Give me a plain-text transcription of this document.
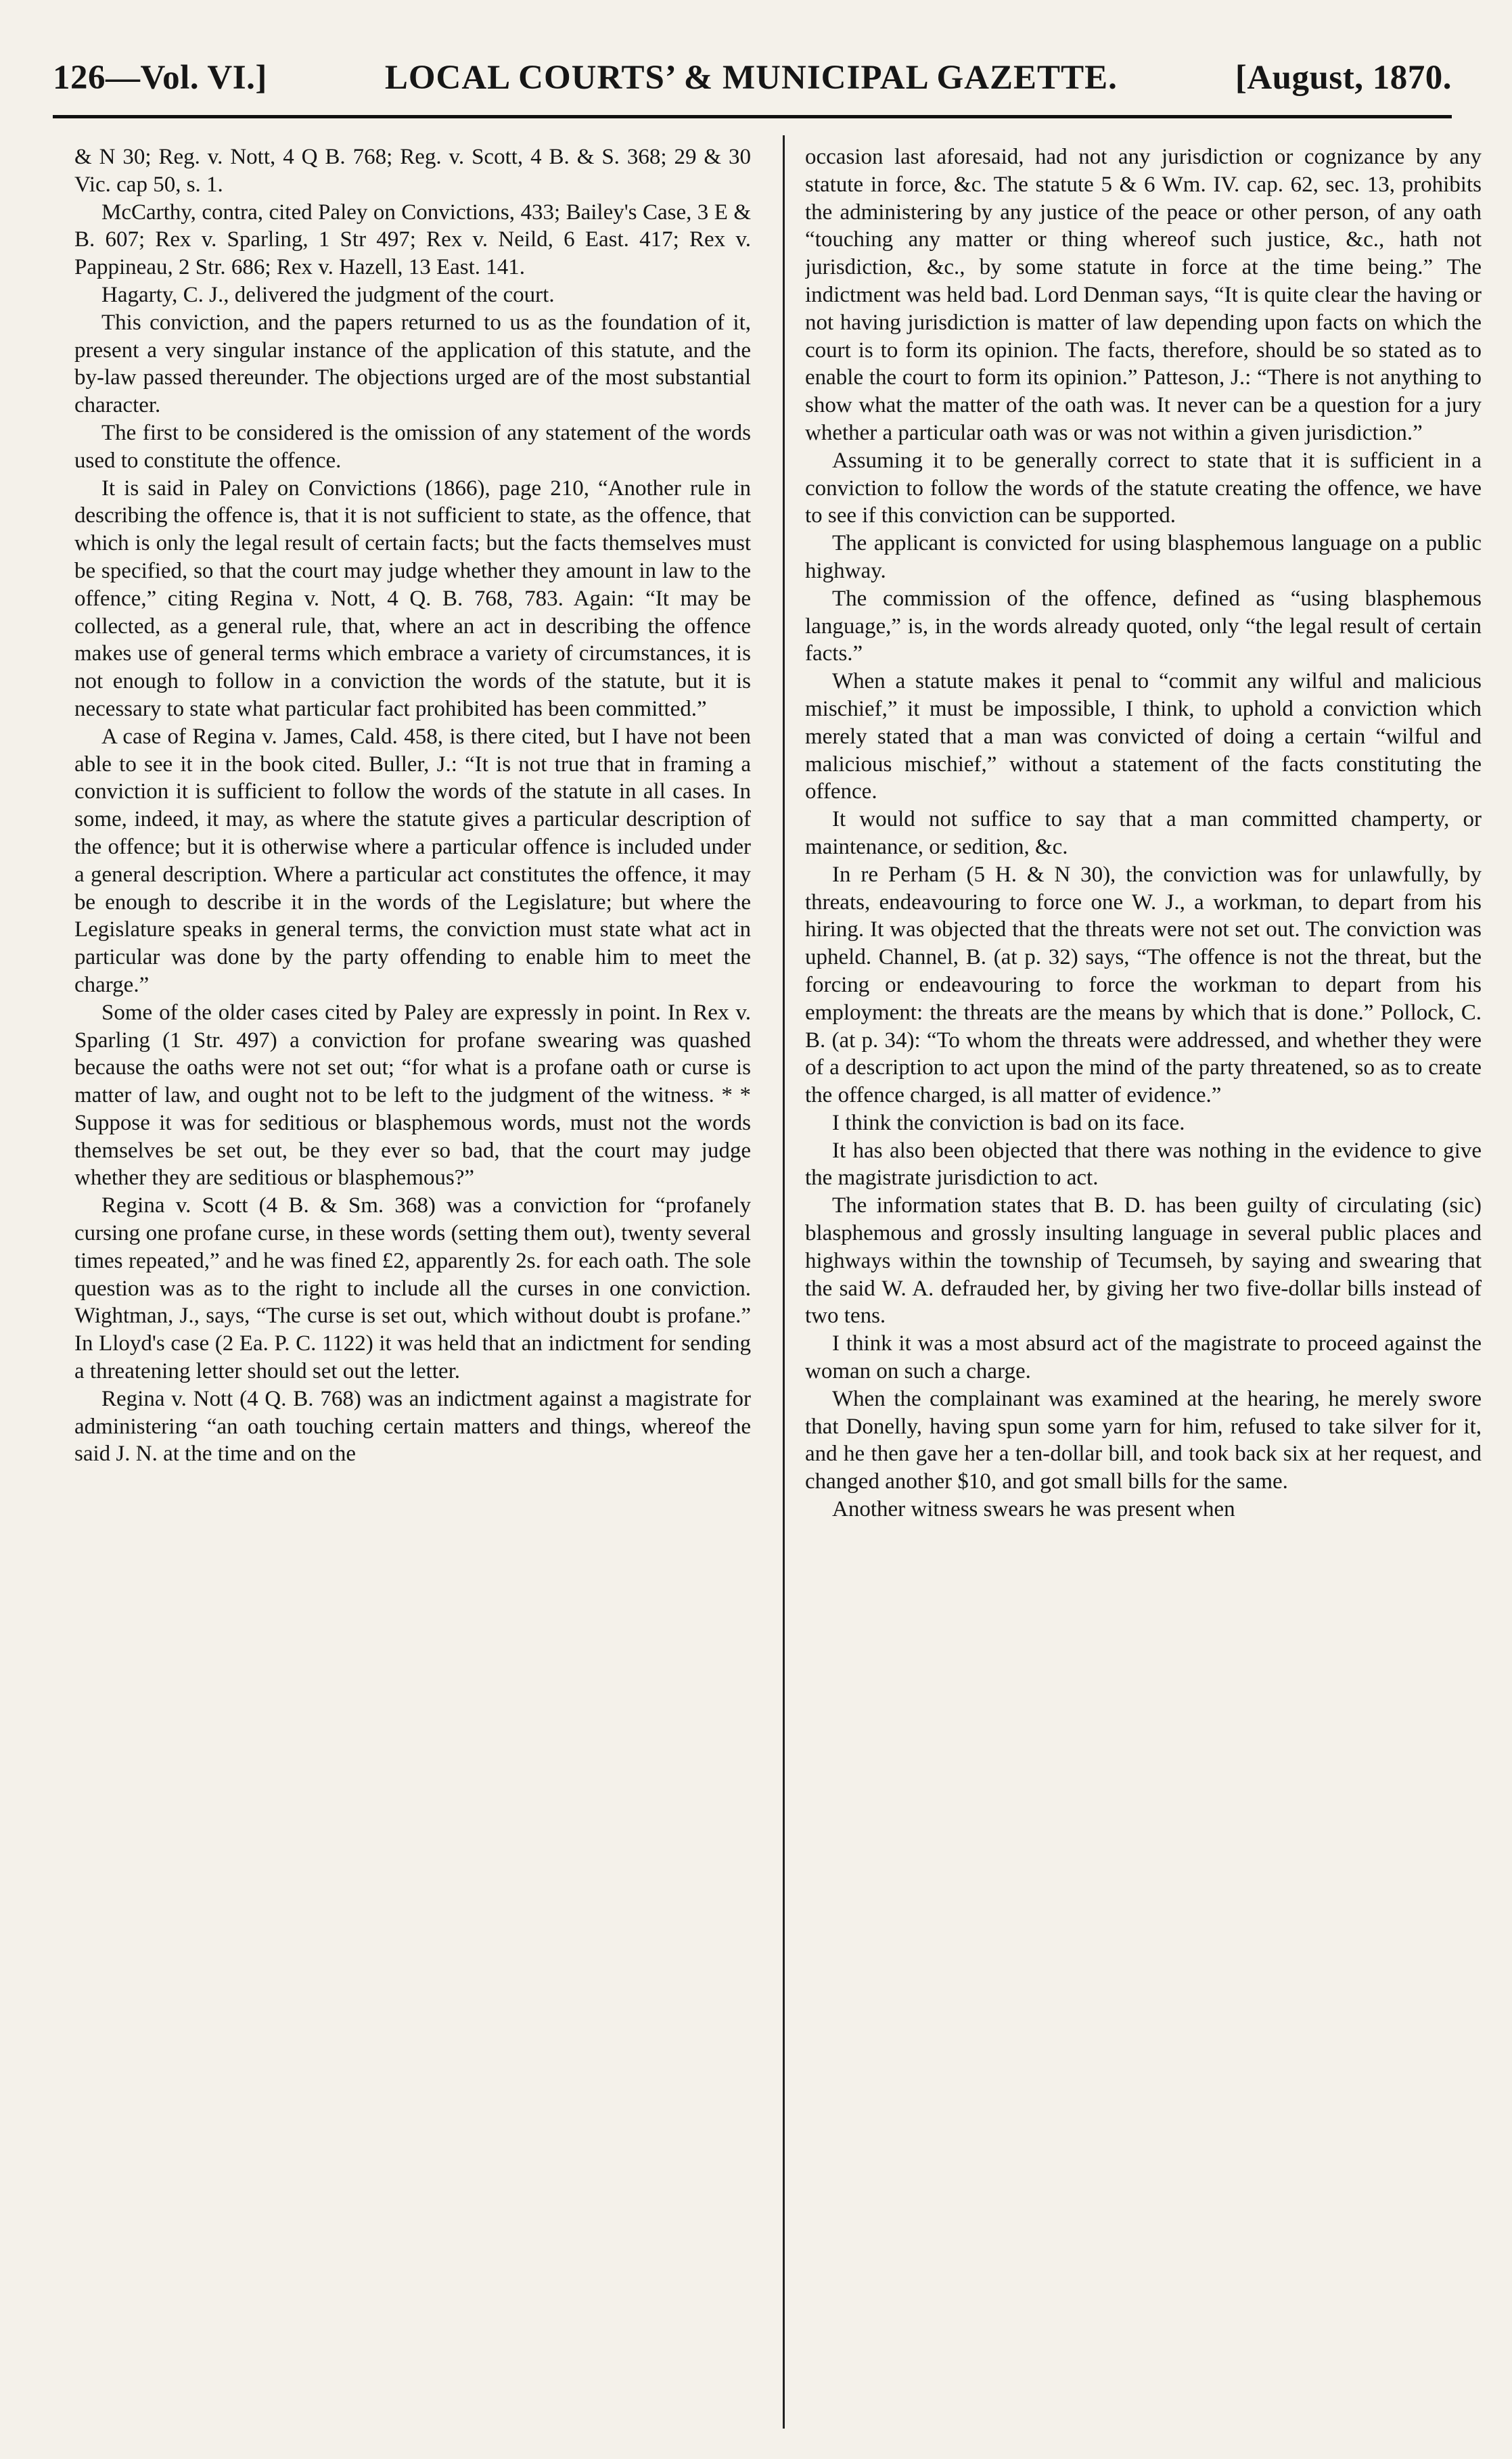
126—Vol. VI.]	LOCAL COURTS’ & MUNICIPAL GAZETTE.	[August, 1870.

& N 30; Reg. v. Nott, 4 Q B. 768; Reg. v. Scott, 4 B. & S. 368; 29 & 30 Vic. cap 50, s. 1.

McCarthy, contra, cited Paley on Convictions, 433; Bailey's Case, 3 E & B. 607; Rex v. Sparling, 1 Str 497; Rex v. Neild, 6 East. 417; Rex v. Pappineau, 2 Str. 686; Rex v. Hazell, 13 East. 141.

Hagarty, C. J., delivered the judgment of the court.

This conviction, and the papers returned to us as the foundation of it, present a very singular instance of the application of this statute, and the by-law passed thereunder. The objections urged are of the most substantial character.

The first to be considered is the omission of any statement of the words used to constitute the offence.

It is said in Paley on Convictions (1866), page 210, “Another rule in describing the offence is, that it is not sufficient to state, as the offence, that which is only the legal result of certain facts; but the facts themselves must be specified, so that the court may judge whether they amount in law to the offence,” citing Regina v. Nott, 4 Q. B. 768, 783. Again: “It may be collected, as a general rule, that, where an act in describing the offence makes use of general terms which embrace a variety of circumstances, it is not enough to follow in a conviction the words of the statute, but it is necessary to state what particular fact prohibited has been committed.”

A case of Regina v. James, Cald. 458, is there cited, but I have not been able to see it in the book cited. Buller, J.: “It is not true that in framing a conviction it is sufficient to follow the words of the statute in all cases. In some, indeed, it may, as where the statute gives a particular description of the offence; but it is otherwise where a particular offence is included under a general description. Where a particular act constitutes the offence, it may be enough to describe it in the words of the Legislature; but where the Legislature speaks in general terms, the conviction must state what act in particular was done by the party offending to enable him to meet the charge.”

Some of the older cases cited by Paley are expressly in point. In Rex v. Sparling (1 Str. 497) a conviction for profane swearing was quashed because the oaths were not set out; “for what is a profane oath or curse is matter of law, and ought not to be left to the judgment of the witness. * * Suppose it was for seditious or blasphemous words, must not the words themselves be set out, be they ever so bad, that the court may judge whether they are seditious or blasphemous?”

Regina v. Scott (4 B. & Sm. 368) was a conviction for “profanely cursing one profane curse, in these words (setting them out), twenty several times repeated,” and he was fined £2, apparently 2s. for each oath. The sole question was as to the right to include all the curses in one conviction. Wightman, J., says, “The curse is set out, which without doubt is profane.” In Lloyd's case (2 Ea. P. C. 1122) it was held that an indictment for sending a threatening letter should set out the letter.

Regina v. Nott (4 Q. B. 768) was an indictment against a magistrate for administering “an oath touching certain matters and things, whereof the said J. N. at the time and on the

occasion last aforesaid, had not any jurisdiction or cognizance by any statute in force, &c. The statute 5 & 6 Wm. IV. cap. 62, sec. 13, prohibits the administering by any justice of the peace or other person, of any oath “touching any matter or thing whereof such justice, &c., hath not jurisdiction, &c., by some statute in force at the time being.” The indictment was held bad. Lord Denman says, “It is quite clear the having or not having jurisdiction is matter of law depending upon facts on which the court is to form its opinion. The facts, therefore, should be so stated as to enable the court to form its opinion.” Patteson, J.: “There is not anything to show what the matter of the oath was. It never can be a question for a jury whether a particular oath was or was not within a given jurisdiction.”

Assuming it to be generally correct to state that it is sufficient in a conviction to follow the words of the statute creating the offence, we have to see if this conviction can be supported.

The applicant is convicted for using blasphemous language on a public highway.

The commission of the offence, defined as “using blasphemous language,” is, in the words already quoted, only “the legal result of certain facts.”

When a statute makes it penal to “commit any wilful and malicious mischief,” it must be impossible, I think, to uphold a conviction which merely stated that a man was convicted of doing a certain “wilful and malicious mischief,” without a statement of the facts constituting the offence.

It would not suffice to say that a man committed champerty, or maintenance, or sedition, &c.

In re Perham (5 H. & N 30), the conviction was for unlawfully, by threats, endeavouring to force one W. J., a workman, to depart from his hiring. It was objected that the threats were not set out. The conviction was upheld. Channel, B. (at p. 32) says, “The offence is not the threat, but the forcing or endeavouring to force the workman to depart from his employment: the threats are the means by which that is done.” Pollock, C. B. (at p. 34): “To whom the threats were addressed, and whether they were of a description to act upon the mind of the party threatened, so as to create the offence charged, is all matter of evidence.”

I think the conviction is bad on its face.

It has also been objected that there was nothing in the evidence to give the magistrate jurisdiction to act.

The information states that B. D. has been guilty of circulating (sic) blasphemous and grossly insulting language in several public places and highways within the township of Tecumseh, by saying and swearing that the said W. A. defrauded her, by giving her two five-dollar bills instead of two tens.

I think it was a most absurd act of the magistrate to proceed against the woman on such a charge.

When the complainant was examined at the hearing, he merely swore that Donelly, having spun some yarn for him, refused to take silver for it, and he then gave her a ten-dollar bill, and took back six at her request, and changed another $10, and got small bills for the same.

Another witness swears he was present when
